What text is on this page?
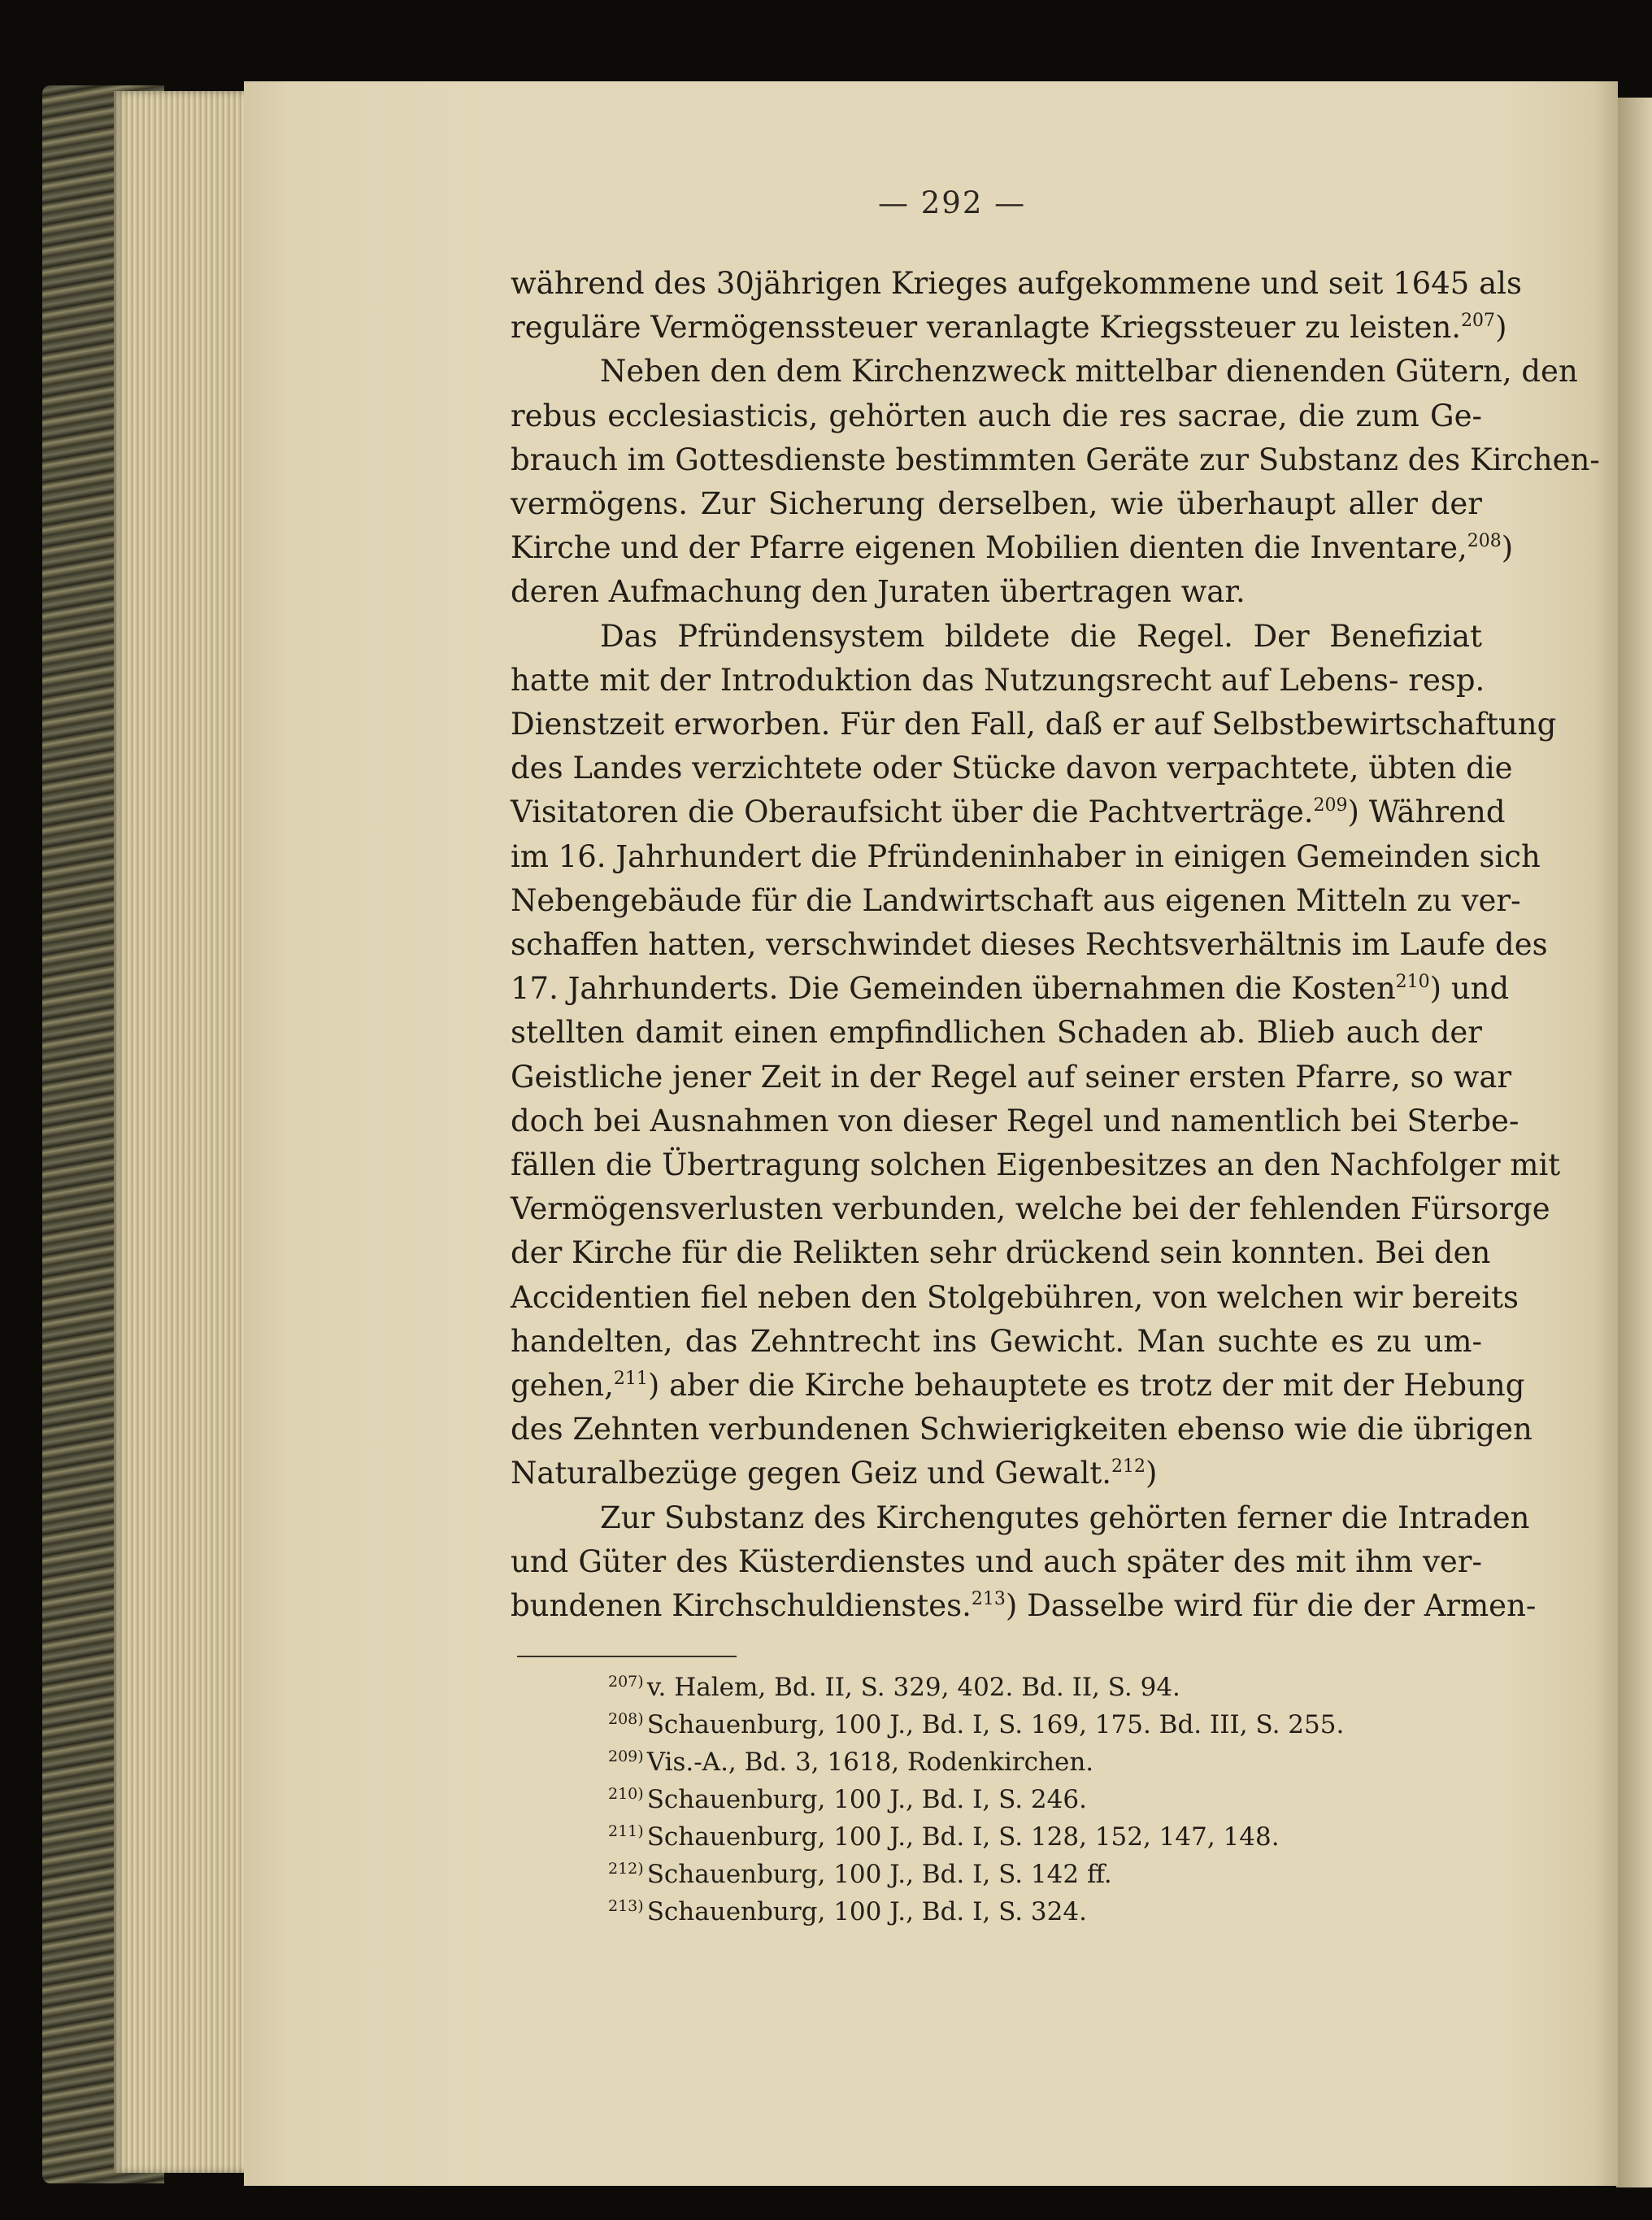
— 292 —
während des 30jährigen Krieges aufgekommene und seit 1645 als
reguläre Vermögenssteuer veranlagte Kriegssteuer zu leisten.$^{207}$)
Neben den dem Kirchenzweck mittelbar dienenden Gütern, den
rebus ecclesiasticis, gehörten auch die res sacrae, die zum Ge-
brauch im Gottesdienste bestimmten Geräte zur Substanz des Kirchen-
vermögens. Zur Sicherung derselben, wie überhaupt aller der
Kirche und der Pfarre eigenen Mobilien dienten die Inventare,$^{208}$)
deren Aufmachung den Juraten übertragen war.
Das Pfründensystem bildete die Regel. Der Benefiziat
hatte mit der Introduktion das Nutzungsrecht auf Lebens- resp.
Dienstzeit erworben. Für den Fall, daß er auf Selbstbewirtschaftung
des Landes verzichtete oder Stücke davon verpachtete, übten die
Visitatoren die Oberaufsicht über die Pachtverträge.$^{209}$) Während
im 16. Jahrhundert die Pfründeninhaber in einigen Gemeinden sich
Nebengebäude für die Landwirtschaft aus eigenen Mitteln zu ver-
schaffen hatten, verschwindet dieses Rechtsverhältnis im Laufe des
17. Jahrhunderts. Die Gemeinden übernahmen die Kosten$^{210}$) und
stellten damit einen empfindlichen Schaden ab. Blieb auch der
Geistliche jener Zeit in der Regel auf seiner ersten Pfarre, so war
doch bei Ausnahmen von dieser Regel und namentlich bei Sterbe-
fällen die Übertragung solchen Eigenbesitzes an den Nachfolger mit
Vermögensverlusten verbunden, welche bei der fehlenden Fürsorge
der Kirche für die Relikten sehr drückend sein konnten. Bei den
Accidentien fiel neben den Stolgebühren, von welchen wir bereits
handelten, das Zehntrecht ins Gewicht. Man suchte es zu um-
gehen,$^{211}$) aber die Kirche behauptete es trotz der mit der Hebung
des Zehnten verbundenen Schwierigkeiten ebenso wie die übrigen
Naturalbezüge gegen Geiz und Gewalt.$^{212}$)
Zur Substanz des Kirchengutes gehörten ferner die Intraden
und Güter des Küsterdienstes und auch später des mit ihm ver-
bundenen Kirchschuldienstes.$^{213}$) Dasselbe wird für die der Armen-
$^{207)}$ v. Halem, Bd. II, S. 329, 402. Bd. II, S. 94.
$^{208)}$ Schauenburg, 100 J., Bd. I, S. 169, 175. Bd. III, S. 255.
$^{209)}$ Vis.-A., Bd. 3, 1618, Rodenkirchen.
$^{210)}$ Schauenburg, 100 J., Bd. I, S. 246.
$^{211)}$ Schauenburg, 100 J., Bd. I, S. 128, 152, 147, 148.
$^{212)}$ Schauenburg, 100 J., Bd. I, S. 142 ff.
$^{213)}$ Schauenburg, 100 J., Bd. I, S. 324.
